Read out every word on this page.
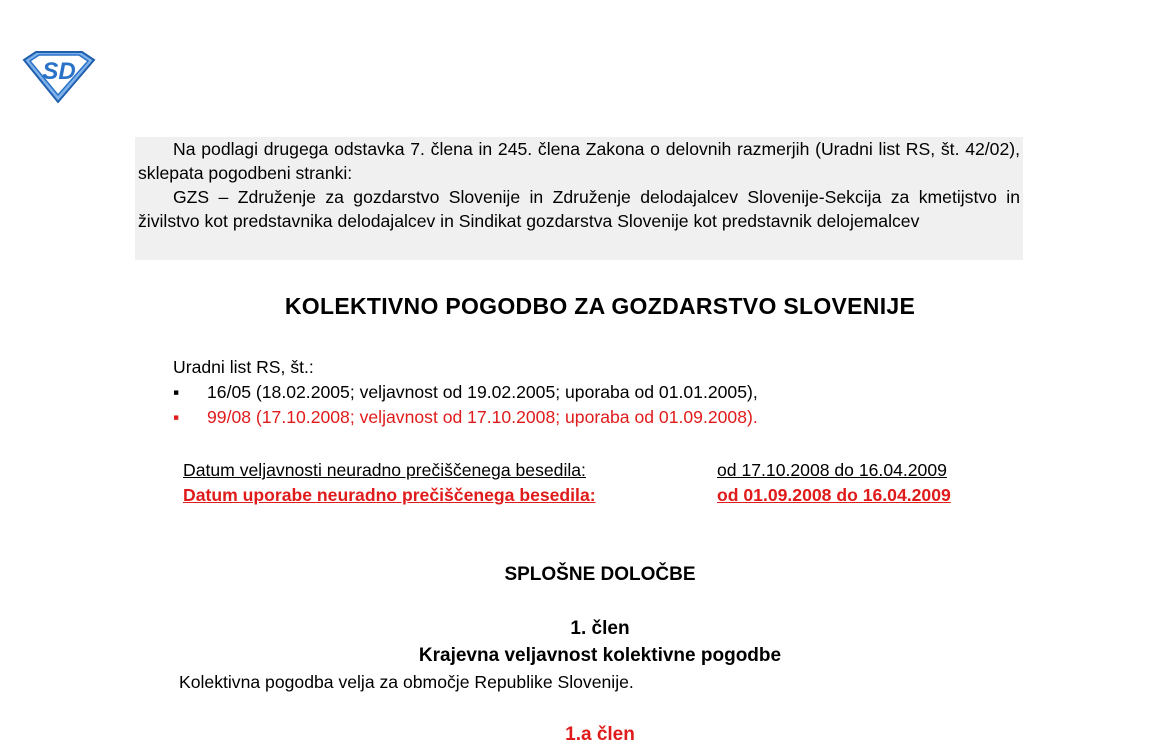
SD

Na podlagi drugega odstavka 7. člena in 245. člena Zakona o delovnih razmerjih (Uradni list RS, št. 42/02), sklepata pogodbeni stranki:

GZS – Združenje za gozdarstvo Slovenije in Združenje delodajalcev Slovenije-Sekcija za kmetijstvo in živilstvo kot predstavnika delodajalcev in Sindikat gozdarstva Slovenije kot predstavnik delojemalcev

KOLEKTIVNO POGODBO ZA GOZDARSTVO SLOVENIJE
Uradni list RS, št.:
▪ 16/05 (18.02.2005; veljavnost od 19.02.2005; uporaba od 01.01.2005),
▪ 99/08 (17.10.2008; veljavnost od 17.10.2008; uporaba od 01.09.2008).
Datum veljavnosti neuradno prečiščenega besedila:	od 17.10.2008 do 16.04.2009
Datum uporabe neuradno prečiščenega besedila:	od 01.09.2008 do 16.04.2009
SPLOŠNE DOLOČBE
1. člen
Krajevna veljavnost kolektivne pogodbe
Kolektivna pogodba velja za območje Republike Slovenije.
1.a člen
